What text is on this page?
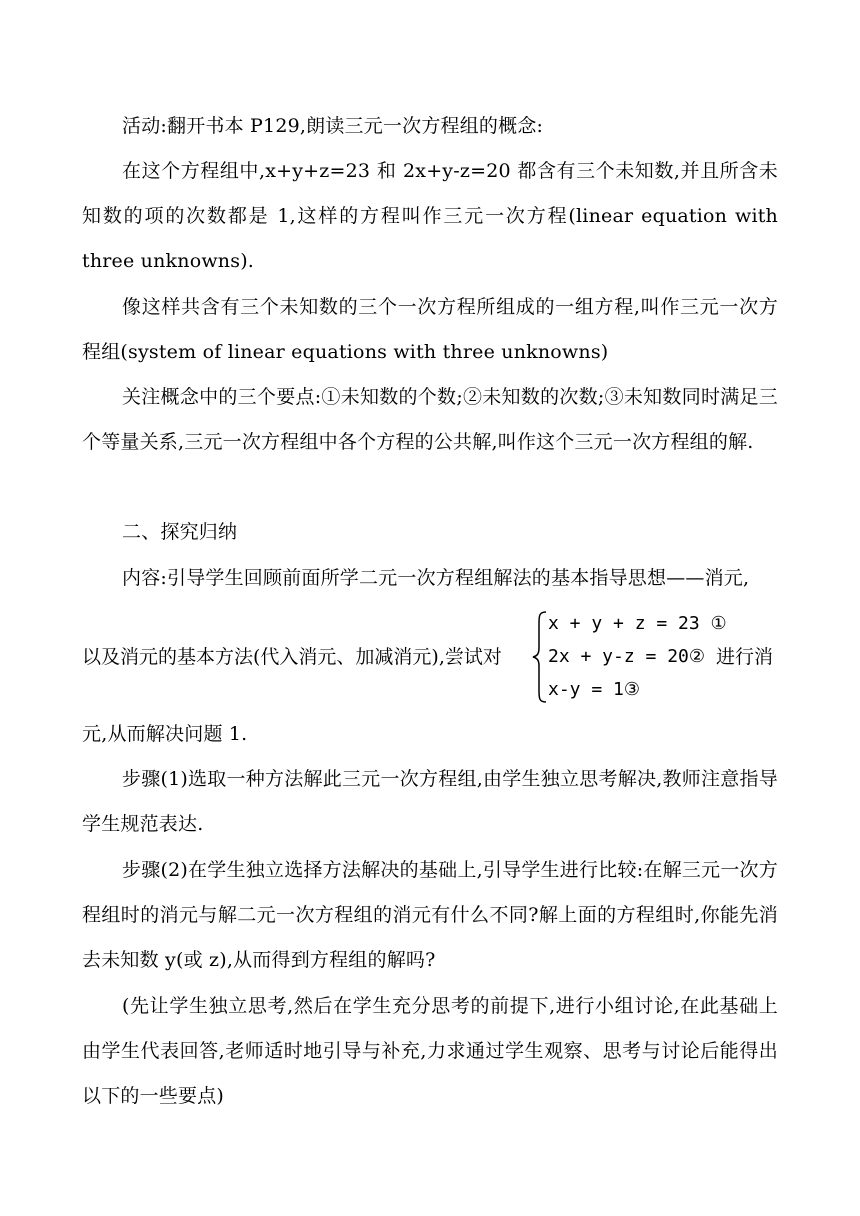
活动:翻开书本 P129,朗读三元一次方程组的概念:

在这个方程组中,x+y+z=23 和 2x+y-z=20 都含有三个未知数,并且所含未知数的项的次数都是 1,这样的方程叫作三元一次方程(linear equation with three unknowns).

像这样共含有三个未知数的三个一次方程所组成的一组方程,叫作三元一次方程组(system of linear equations with three unknowns)

关注概念中的三个要点:①未知数的个数;②未知数的次数;③未知数同时满足三个等量关系,三元一次方程组中各个方程的公共解,叫作这个三元一次方程组的解.

二、探究归纳

内容:引导学生回顾前面所学二元一次方程组解法的基本指导思想——消元,

以及消元的基本方法(代入消元、加减消元),尝试对
x + y + z = 23 ①
2x + y-z = 20②
x-y = 1③
进行消

元,从而解决问题 1.

步骤(1)选取一种方法解此三元一次方程组,由学生独立思考解决,教师注意指导学生规范表达.

步骤(2)在学生独立选择方法解决的基础上,引导学生进行比较:在解三元一次方程组时的消元与解二元一次方程组的消元有什么不同?解上面的方程组时,你能先消去未知数 y(或 z),从而得到方程组的解吗?

(先让学生独立思考,然后在学生充分思考的前提下,进行小组讨论,在此基础上由学生代表回答,老师适时地引导与补充,力求通过学生观察、思考与讨论后能得出以下的一些要点)
